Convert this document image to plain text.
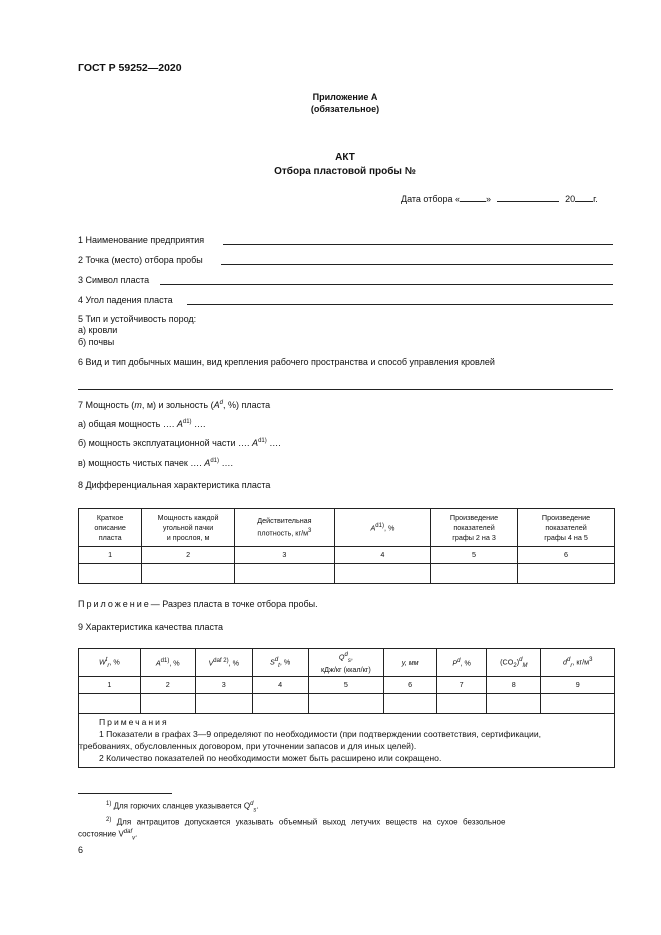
ГОСТ Р 59252—2020
Приложение А
(обязательное)
АКТ
Отбора пластовой пробы №
Дата отбора «	»	20 г.
1 Наименование предприятия
2 Точка (место) отбора пробы
3 Символ пласта
4 Угол падения пласта
5 Тип и устойчивость пород:
а) кровли
б) почвы
6 Вид и тип добычных машин, вид крепления рабочего пространства и способ управления кровлей
7 Мощность (m, м) и зольность ($A^d$, %) пласта
а) общая мощность …. $A^{d1)}$ ….
б) мощность эксплуатационной части …. $A^{d1)}$ ….
в) мощность чистых пачек …. $A^{d1)}$ ….
8 Дифференциальная характеристика пласта
Краткое
описание
пласта	Мощность каждой
угольной пачки
и прослоя, м	Действительная
плотность, $кг/м^3$	$A^{d1)}$, %	Произведение
показателей
графы 2 на 3	Произведение
показателей
графы 4 на 5
1	2	3	4	5	6

Приложение— Разрез пласта в точке отбора пробы.
9 Характеристика качества пласта
$W^t_r$, %	$A^{d1)}$, %	$V^{daf 2)}$, %	$S^d_t$, %	$Q^d_s$,
кДж/кг (ккал/кг)	y, мм	$P^d$, %	$(CO_2)^d_M$	$d^d_r$, $кг/м^3$
1	2	3	4	5	6	7	8	9

Примечания
1 Показатели в графах 3—9 определяют по необходимости (при подтверждении соответствия, сертификации,
требованиях, обусловленных договором, при уточнении запасов и для иных целей).
2 Количество показателей по необходимости может быть расширено или сокращено.								
$^{1)}$ Для горючих сланцев указывается $Q^d_s$.
$^{2)}$ Для антрацитов допускается указывать объемный выход летучих веществ на сухое беззольное
состояние $V^{daf}_v$.
6
